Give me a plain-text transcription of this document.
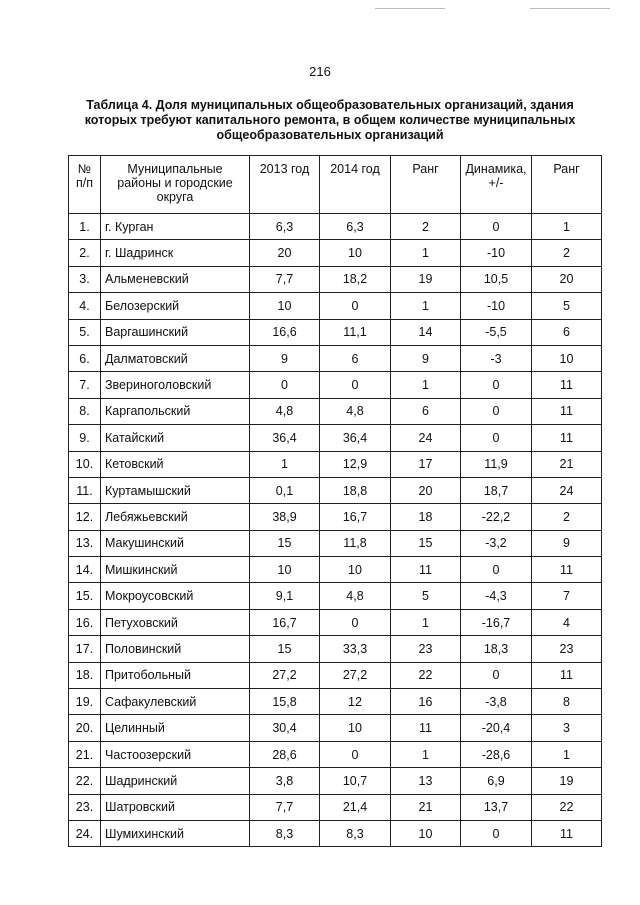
216
Таблица 4. Доля муниципальных общеобразовательных организаций, здания
которых требуют капитального ремонта, в общем количестве муниципальных
общеобразовательных организаций
№ п/п	Муниципальные районы и городские округа	2013 год	2014 год	Ранг	Динамика, +/-	Ранг
1.	г. Курган	6,3	6,3	2	0	1
2.	г. Шадринск	20	10	1	-10	2
3.	Альменевский	7,7	18,2	19	10,5	20
4.	Белозерский	10	0	1	-10	5
5.	Варгашинский	16,6	11,1	14	-5,5	6
6.	Далматовский	9	6	9	-3	10
7.	Звериноголовский	0	0	1	0	11
8.	Каргапольский	4,8	4,8	6	0	11
9.	Катайский	36,4	36,4	24	0	11
10.	Кетовский	1	12,9	17	11,9	21
11.	Куртамышский	0,1	18,8	20	18,7	24
12.	Лебяжьевский	38,9	16,7	18	-22,2	2
13.	Макушинский	15	11,8	15	-3,2	9
14.	Мишкинский	10	10	11	0	11
15.	Мокроусовский	9,1	4,8	5	-4,3	7
16.	Петуховский	16,7	0	1	-16,7	4
17.	Половинский	15	33,3	23	18,3	23
18.	Притобольный	27,2	27,2	22	0	11
19.	Сафакулевский	15,8	12	16	-3,8	8
20.	Целинный	30,4	10	11	-20,4	3
21.	Частоозерский	28,6	0	1	-28,6	1
22.	Шадринский	3,8	10,7	13	6,9	19
23.	Шатровский	7,7	21,4	21	13,7	22
24.	Шумихинский	8,3	8,3	10	0	11
